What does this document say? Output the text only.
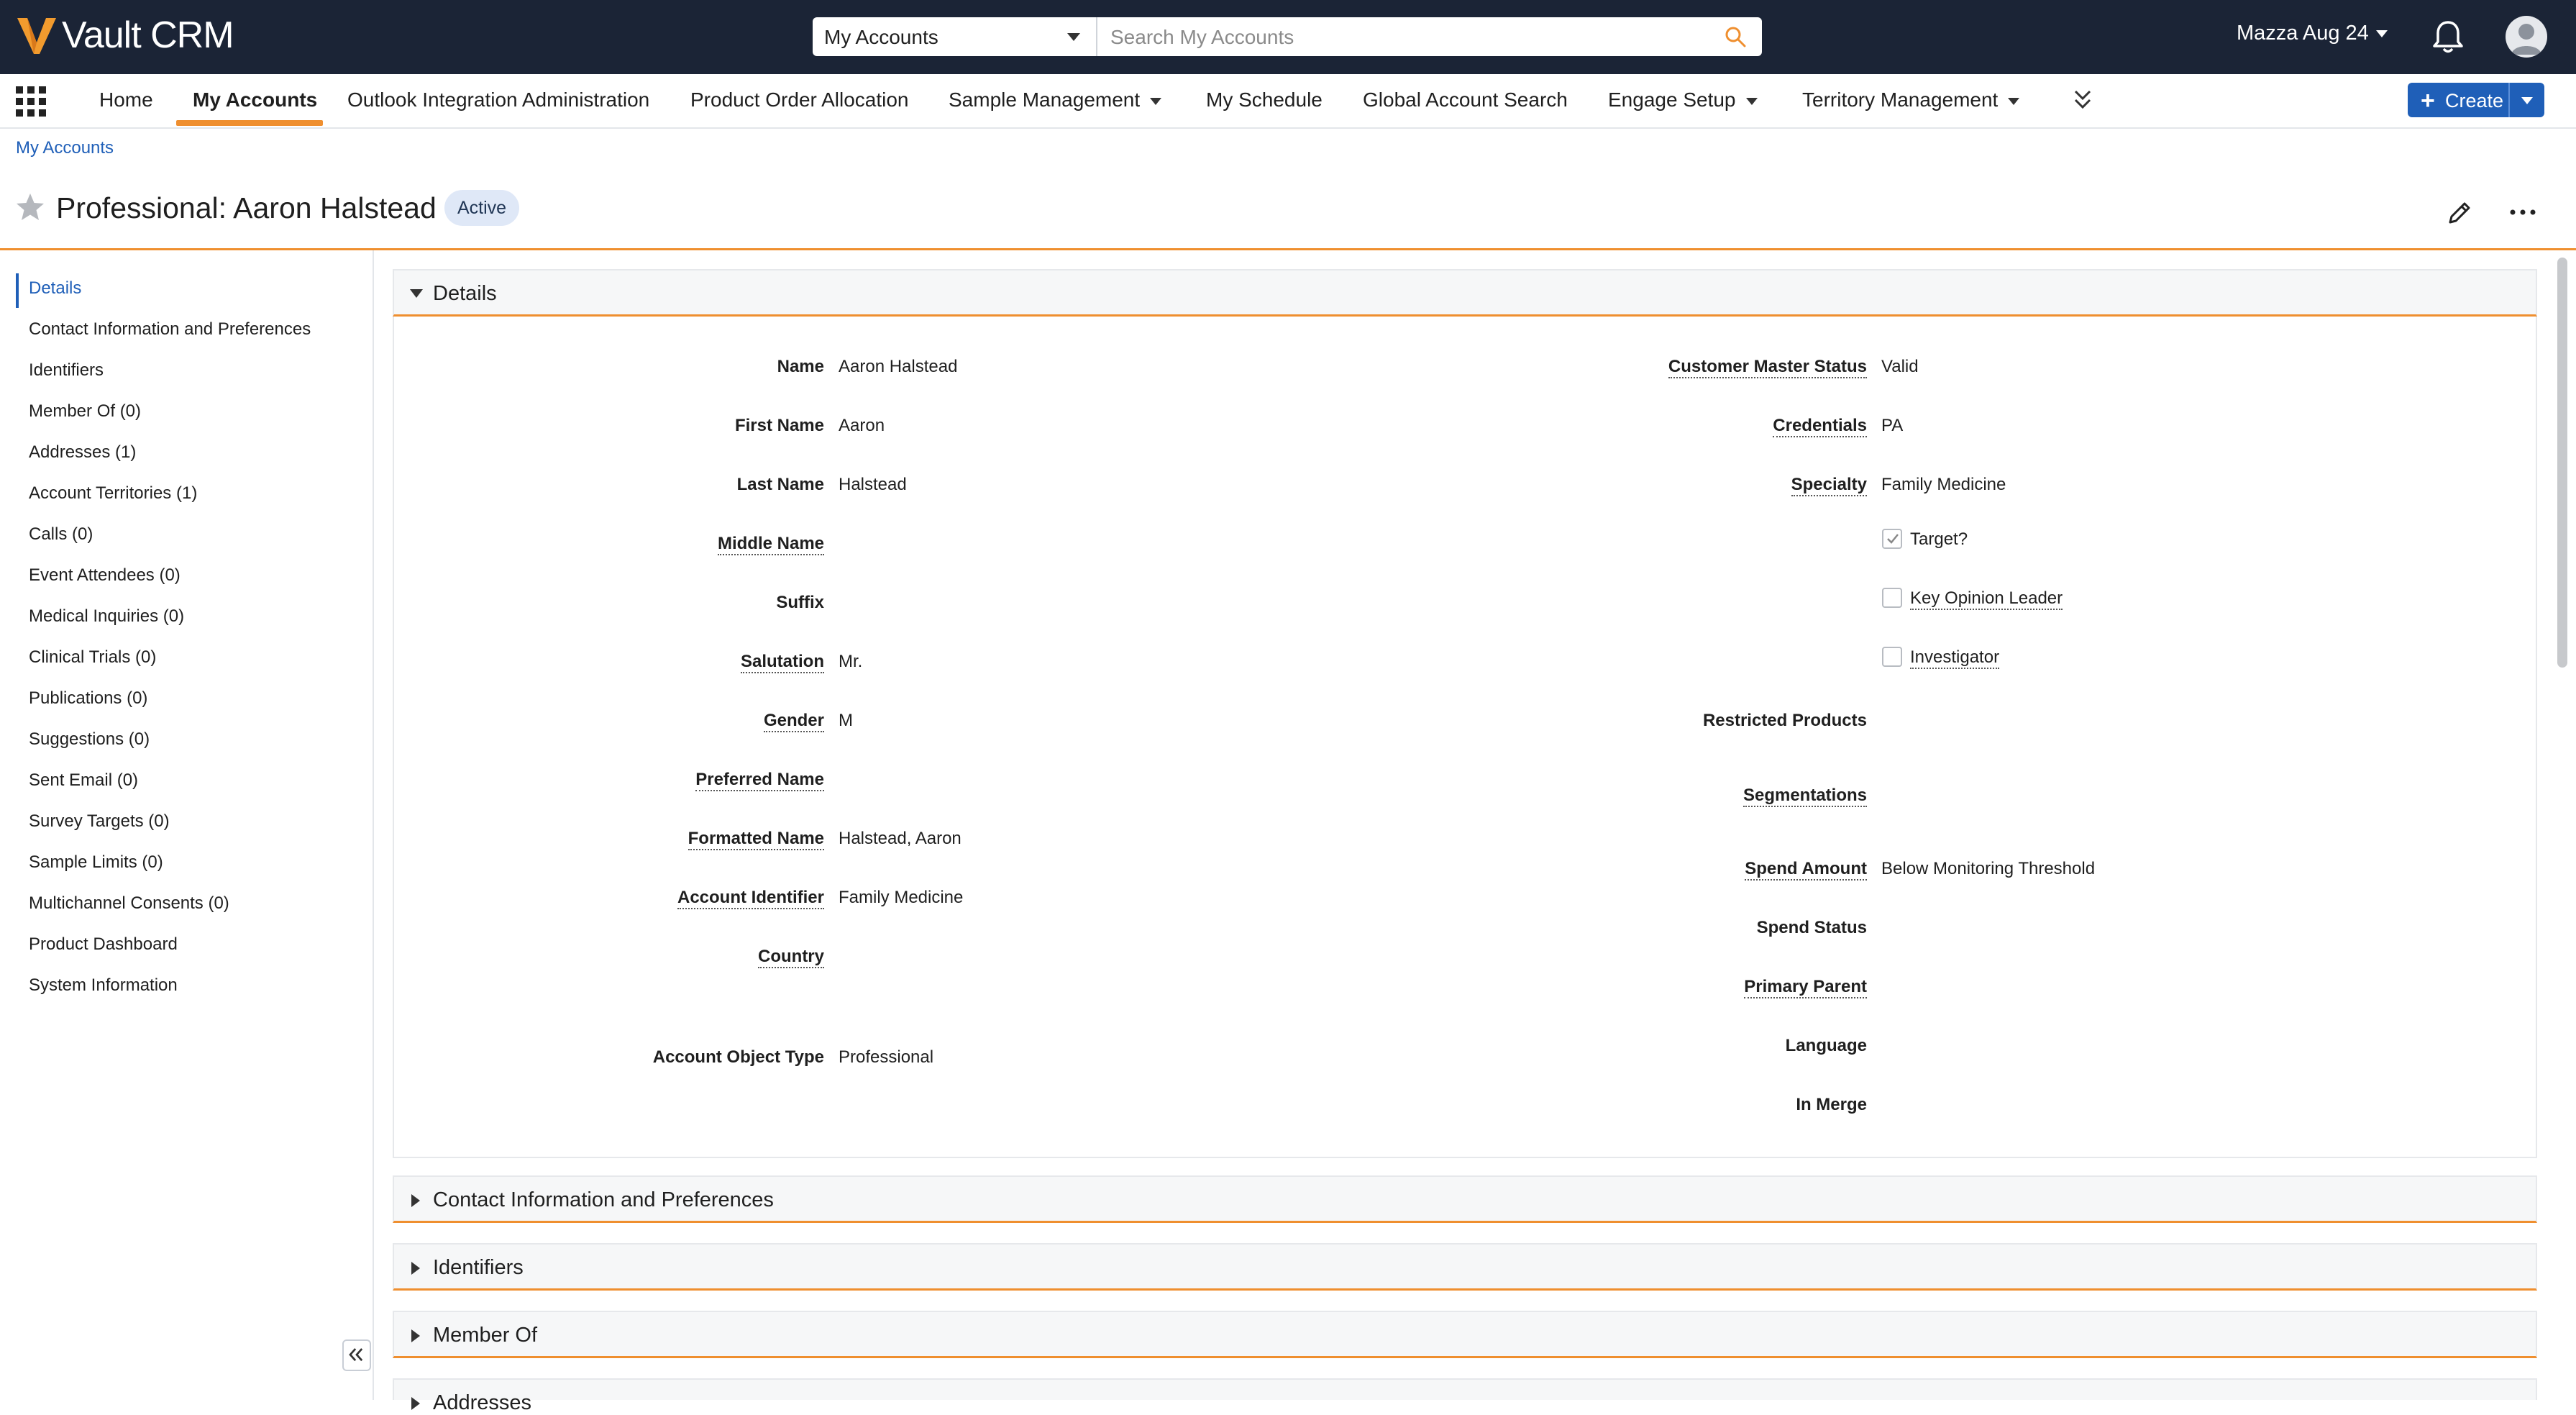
Vault CRM	My Accounts
Search My Accounts	Mazza Aug 24
Home My Accounts Outlook Integration Administration Product Order Allocation Sample Management	My Schedule Global Account Search Engage Setup	Territory Management	+ Create
My Accounts
Professional: Aaron Halstead	Active
Details
Contact Information and Preferences
Identifiers
Member Of (0)
Addresses (1)
Account Territories (1)
Calls (0)
Event Attendees (0)
Medical Inquiries (0)
Clinical Trials (0)
Publications (0)
Suggestions (0)
Sent Email (0)
Survey Targets (0)
Sample Limits (0)
Multichannel Consents (0)
Product Dashboard
System Information
Details
Name Aaron Halstead
First Name Aaron
Last Name Halstead
Middle Name
Suffix
Salutation Mr.
Gender M
Preferred Name
Formatted Name Halstead, Aaron
Account Identifier Family Medicine
Country
Account Object Type Professional
Customer Master Status Valid
Credentials PA
Specialty Family Medicine
Target?
Key Opinion Leader
Investigator
Restricted Products
Segmentations
Spend Amount Below Monitoring Threshold
Spend Status
Primary Parent
Language
In Merge
Contact Information and Preferences
Identifiers
Member Of
Addresses
